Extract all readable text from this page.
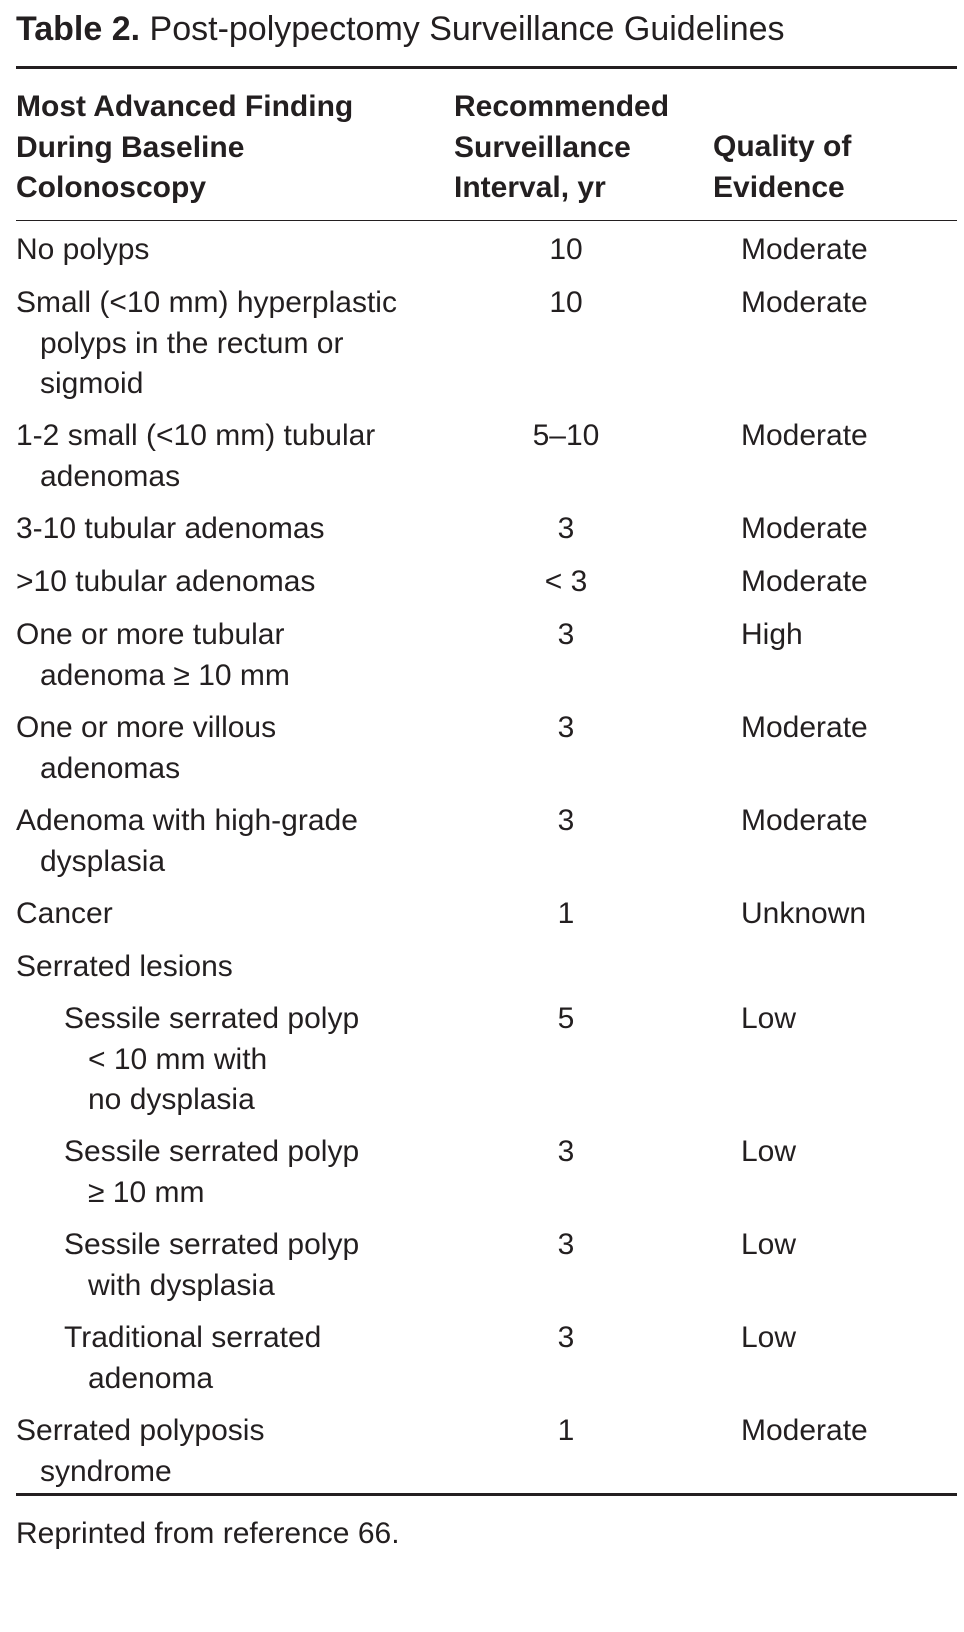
Table 2. Post-polypectomy Surveillance Guidelines
Most Advanced Finding
During Baseline
Colonoscopy
Recommended
Surveillance
Interval, yr
Quality of
Evidence
No polyps	10	Moderate
Small (<10 mm) hyperplastic
polyps in the rectum or
sigmoid
10	Moderate
1-2 small (<10 mm) tubular
adenomas
5–10	Moderate
3-10 tubular adenomas	3	Moderate
>10 tubular adenomas	< 3	Moderate
One or more tubular
adenoma ≥ 10 mm
3	High
One or more villous
adenomas
3	Moderate
Adenoma with high-grade
dysplasia
3	Moderate
Cancer	1	Unknown
Serrated lesions
Sessile serrated polyp
< 10 mm with
no dysplasia
5	Low
Sessile serrated polyp
≥ 10 mm
3	Low
Sessile serrated polyp
with dysplasia
3	Low
Traditional serrated
adenoma
3	Low
Serrated polyposis
syndrome
1	Moderate
Reprinted from reference 66.
